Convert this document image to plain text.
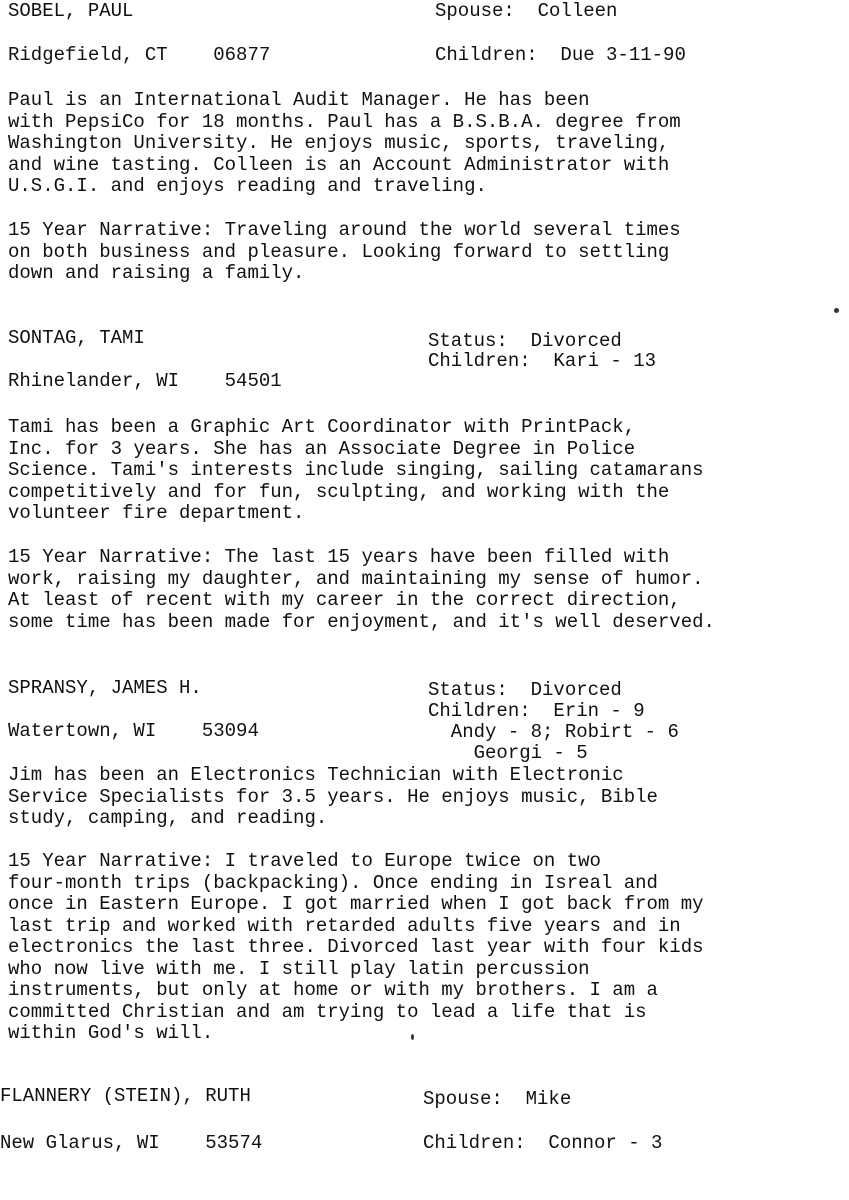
SOBEL, PAUL	Spouse:  Colleen
Ridgefield, CT    06877	Children:  Due 3-11-90
Paul is an International Audit Manager. He has been
with PepsiCo for 18 months. Paul has a B.S.B.A. degree from
Washington University. He enjoys music, sports, traveling,
and wine tasting. Colleen is an Account Administrator with
U.S.G.I. and enjoys reading and traveling.
15 Year Narrative: Traveling around the world several times
on both business and pleasure. Looking forward to settling
down and raising a family.
SONTAG, TAMI	Status:  Divorced
Children:  Kari - 13
Rhinelander, WI    54501
Tami has been a Graphic Art Coordinator with PrintPack,
Inc. for 3 years. She has an Associate Degree in Police
Science. Tami's interests include singing, sailing catamarans
competitively and for fun, sculpting, and working with the
volunteer fire department.
15 Year Narrative: The last 15 years have been filled with
work, raising my daughter, and maintaining my sense of humor.
At least of recent with my career in the correct direction,
some time has been made for enjoyment, and it's well deserved.
SPRANSY, JAMES H.	Status:  Divorced
Children:  Erin - 9
Watertown, WI    53094	Andy - 8; Robirt - 6
Georgi - 5
Jim has been an Electronics Technician with Electronic
Service Specialists for 3.5 years. He enjoys music, Bible
study, camping, and reading.
15 Year Narrative: I traveled to Europe twice on two
four-month trips (backpacking). Once ending in Isreal and
once in Eastern Europe. I got married when I got back from my
last trip and worked with retarded adults five years and in
electronics the last three. Divorced last year with four kids
who now live with me. I still play latin percussion
instruments, but only at home or with my brothers. I am a
committed Christian and am trying to lead a life that is
within God's will.
FLANNERY (STEIN), RUTH	Spouse:  Mike
New Glarus, WI    53574	Children:  Connor - 3
